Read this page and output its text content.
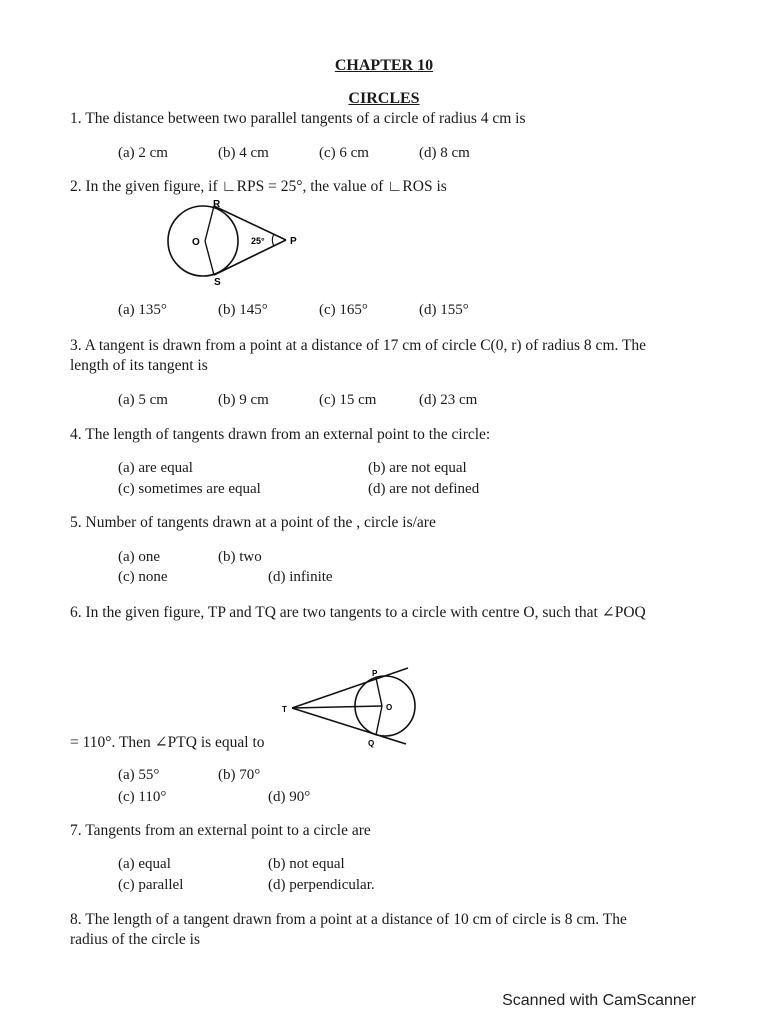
CHAPTER 10
CIRCLES
1. The distance between two parallel tangents of a circle of radius 4 cm is
(a) 2 cm	(b) 4 cm	(c) 6 cm	(d) 8 cm
2. In the given figure, if ∟RPS = 25°, the value of ∟ROS is
R
O
S
P
25°
(a) 135°	(b) 145°	(c) 165°	(d) 155°
3. A tangent is drawn from a point at a distance of 17 cm of circle C(0, r) of radius 8 cm. The
length of its tangent is
(a) 5 cm	(b) 9 cm	(c) 15 cm	(d) 23 cm
4. The length of tangents drawn from an external point to the circle:
(a) are equal	(b) are not equal
(c) sometimes are equal	(d) are not defined
5. Number of tangents drawn at a point of the , circle is/are
(a) one	(b) two
(c) none	(d) infinite
6. In the given figure, TP and TQ are two tangents to a circle with centre O, such that ∠POQ
T
P
O
Q
= 110°. Then ∠PTQ is equal to
(a) 55°	(b) 70°
(c) 110°	(d) 90°
7. Tangents from an external point to a circle are
(a) equal	(b) not equal
(c) parallel	(d) perpendicular.
8. The length of a tangent drawn from a point at a distance of 10 cm of circle is 8 cm. The
radius of the circle is
Scanned with CamScanner
